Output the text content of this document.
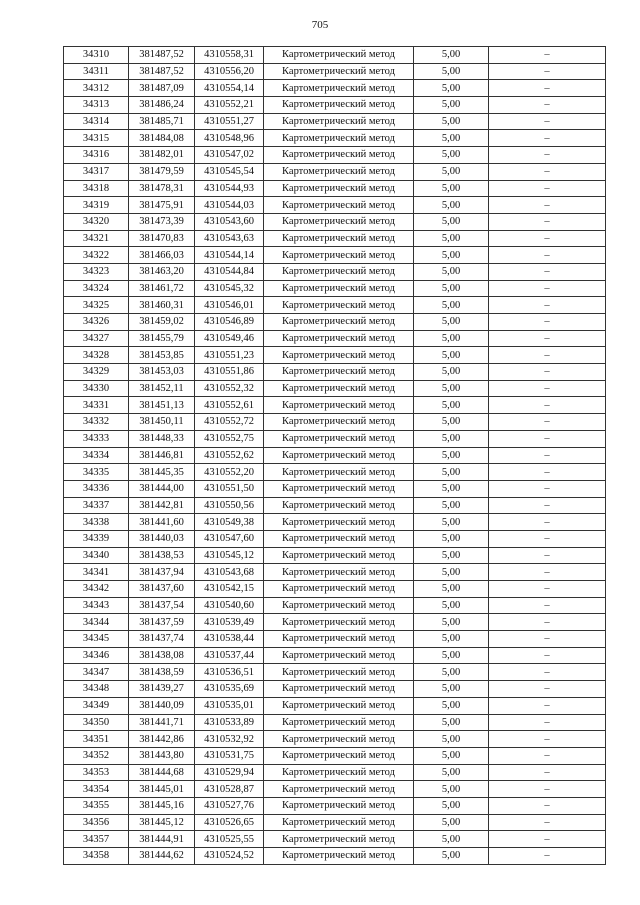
705
34310	381487,52	4310558,31	Картометрический метод	5,00	–
34311	381487,52	4310556,20	Картометрический метод	5,00	–
34312	381487,09	4310554,14	Картометрический метод	5,00	–
34313	381486,24	4310552,21	Картометрический метод	5,00	–
34314	381485,71	4310551,27	Картометрический метод	5,00	–
34315	381484,08	4310548,96	Картометрический метод	5,00	–
34316	381482,01	4310547,02	Картометрический метод	5,00	–
34317	381479,59	4310545,54	Картометрический метод	5,00	–
34318	381478,31	4310544,93	Картометрический метод	5,00	–
34319	381475,91	4310544,03	Картометрический метод	5,00	–
34320	381473,39	4310543,60	Картометрический метод	5,00	–
34321	381470,83	4310543,63	Картометрический метод	5,00	–
34322	381466,03	4310544,14	Картометрический метод	5,00	–
34323	381463,20	4310544,84	Картометрический метод	5,00	–
34324	381461,72	4310545,32	Картометрический метод	5,00	–
34325	381460,31	4310546,01	Картометрический метод	5,00	–
34326	381459,02	4310546,89	Картометрический метод	5,00	–
34327	381455,79	4310549,46	Картометрический метод	5,00	–
34328	381453,85	4310551,23	Картометрический метод	5,00	–
34329	381453,03	4310551,86	Картометрический метод	5,00	–
34330	381452,11	4310552,32	Картометрический метод	5,00	–
34331	381451,13	4310552,61	Картометрический метод	5,00	–
34332	381450,11	4310552,72	Картометрический метод	5,00	–
34333	381448,33	4310552,75	Картометрический метод	5,00	–
34334	381446,81	4310552,62	Картометрический метод	5,00	–
34335	381445,35	4310552,20	Картометрический метод	5,00	–
34336	381444,00	4310551,50	Картометрический метод	5,00	–
34337	381442,81	4310550,56	Картометрический метод	5,00	–
34338	381441,60	4310549,38	Картометрический метод	5,00	–
34339	381440,03	4310547,60	Картометрический метод	5,00	–
34340	381438,53	4310545,12	Картометрический метод	5,00	–
34341	381437,94	4310543,68	Картометрический метод	5,00	–
34342	381437,60	4310542,15	Картометрический метод	5,00	–
34343	381437,54	4310540,60	Картометрический метод	5,00	–
34344	381437,59	4310539,49	Картометрический метод	5,00	–
34345	381437,74	4310538,44	Картометрический метод	5,00	–
34346	381438,08	4310537,44	Картометрический метод	5,00	–
34347	381438,59	4310536,51	Картометрический метод	5,00	–
34348	381439,27	4310535,69	Картометрический метод	5,00	–
34349	381440,09	4310535,01	Картометрический метод	5,00	–
34350	381441,71	4310533,89	Картометрический метод	5,00	–
34351	381442,86	4310532,92	Картометрический метод	5,00	–
34352	381443,80	4310531,75	Картометрический метод	5,00	–
34353	381444,68	4310529,94	Картометрический метод	5,00	–
34354	381445,01	4310528,87	Картометрический метод	5,00	–
34355	381445,16	4310527,76	Картометрический метод	5,00	–
34356	381445,12	4310526,65	Картометрический метод	5,00	–
34357	381444,91	4310525,55	Картометрический метод	5,00	–
34358	381444,62	4310524,52	Картометрический метод	5,00	–
